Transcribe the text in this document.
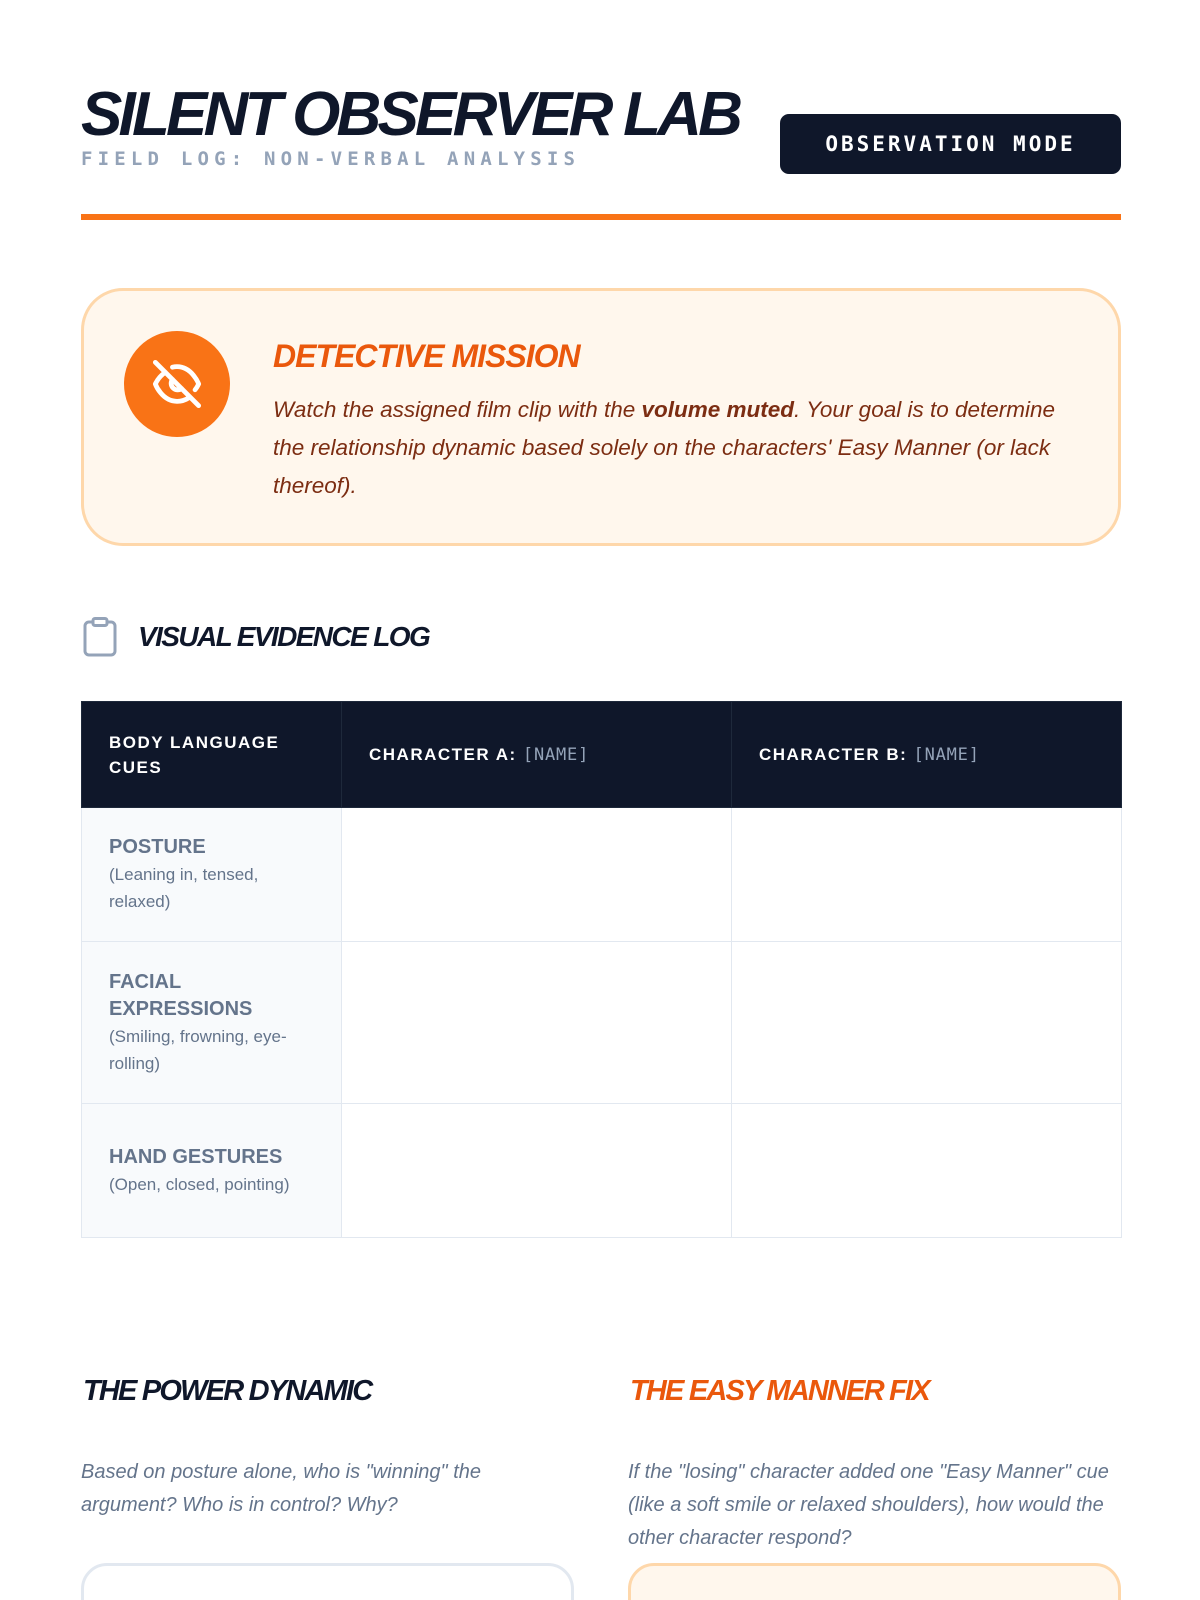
SILENT OBSERVER LAB
FIELD LOG: NON-VERBAL ANALYSIS
OBSERVATION MODE
DETECTIVE MISSION

Watch the assigned film clip with the volume muted. Your goal is to determine the relationship dynamic based solely on the characters' Easy Manner (or lack thereof).

VISUAL EVIDENCE LOG
BODY LANGUAGE CUES	CHARACTER A: [NAME]	CHARACTER B: [NAME]

POSTURE
(Leaning in, tensed, relaxed)		

FACIAL EXPRESSIONS
(Smiling, frowning, eye-rolling)		

HAND GESTURES
(Open, closed, pointing)		

THE POWER DYNAMIC

Based on posture alone, who is "winning" the argument? Who is in control? Why?

THE EASY MANNER FIX

If the "losing" character added one "Easy Manner" cue (like a soft smile or relaxed shoulders), how would the other character respond?
